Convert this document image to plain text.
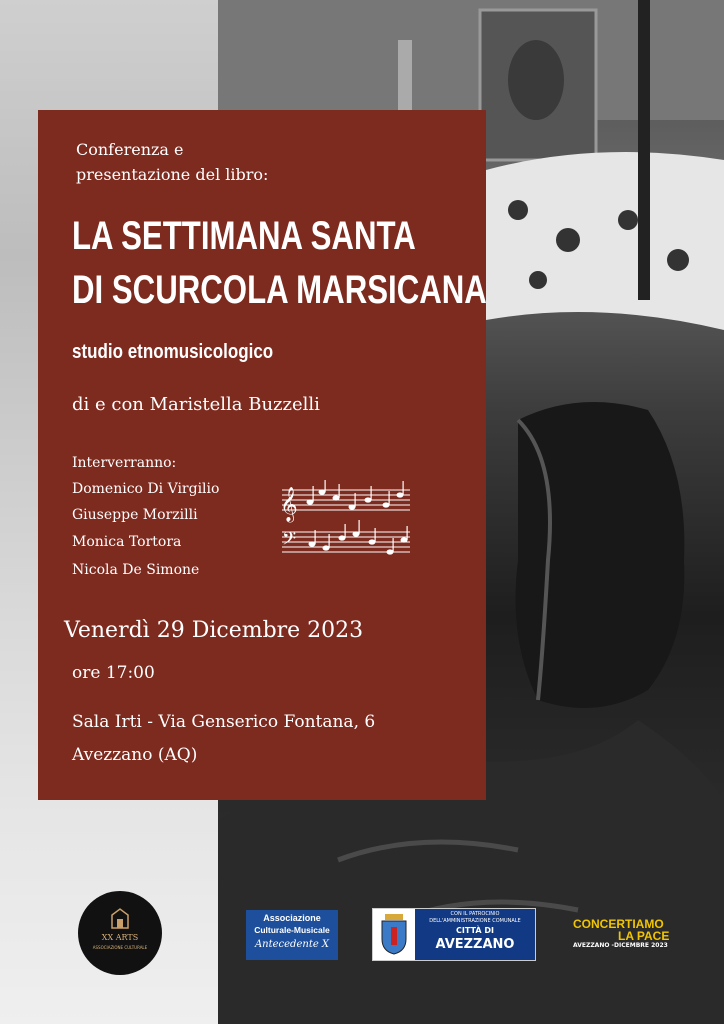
Conferenza e
presentazione del libro:
LA SETTIMANA SANTA
DI SCURCOLA MARSICANA
studio etnomusicologico
di e con Maristella Buzzelli
Interverranno:
Domenico Di Virgilio
Giuseppe Morzilli
Monica Tortora
Nicola De Simone
𝄞
𝄢
Venerdì 29 Dicembre 2023
ore 17:00
Sala Irti - Via Genserico Fontana, 6
Avezzano (AQ)
XX ARTS
ASSOCIAZIONE CULTURALE
Associazione
Culturale-Musicale
Antecedente X
CON IL PATROCINIO
DELL'AMMINISTRAZIONE COMUNALE
CITTÀ DI
AVEZZANO
CONCERTIAMO
LA PACE
AVEZZANO -DICEMBRE 2023
